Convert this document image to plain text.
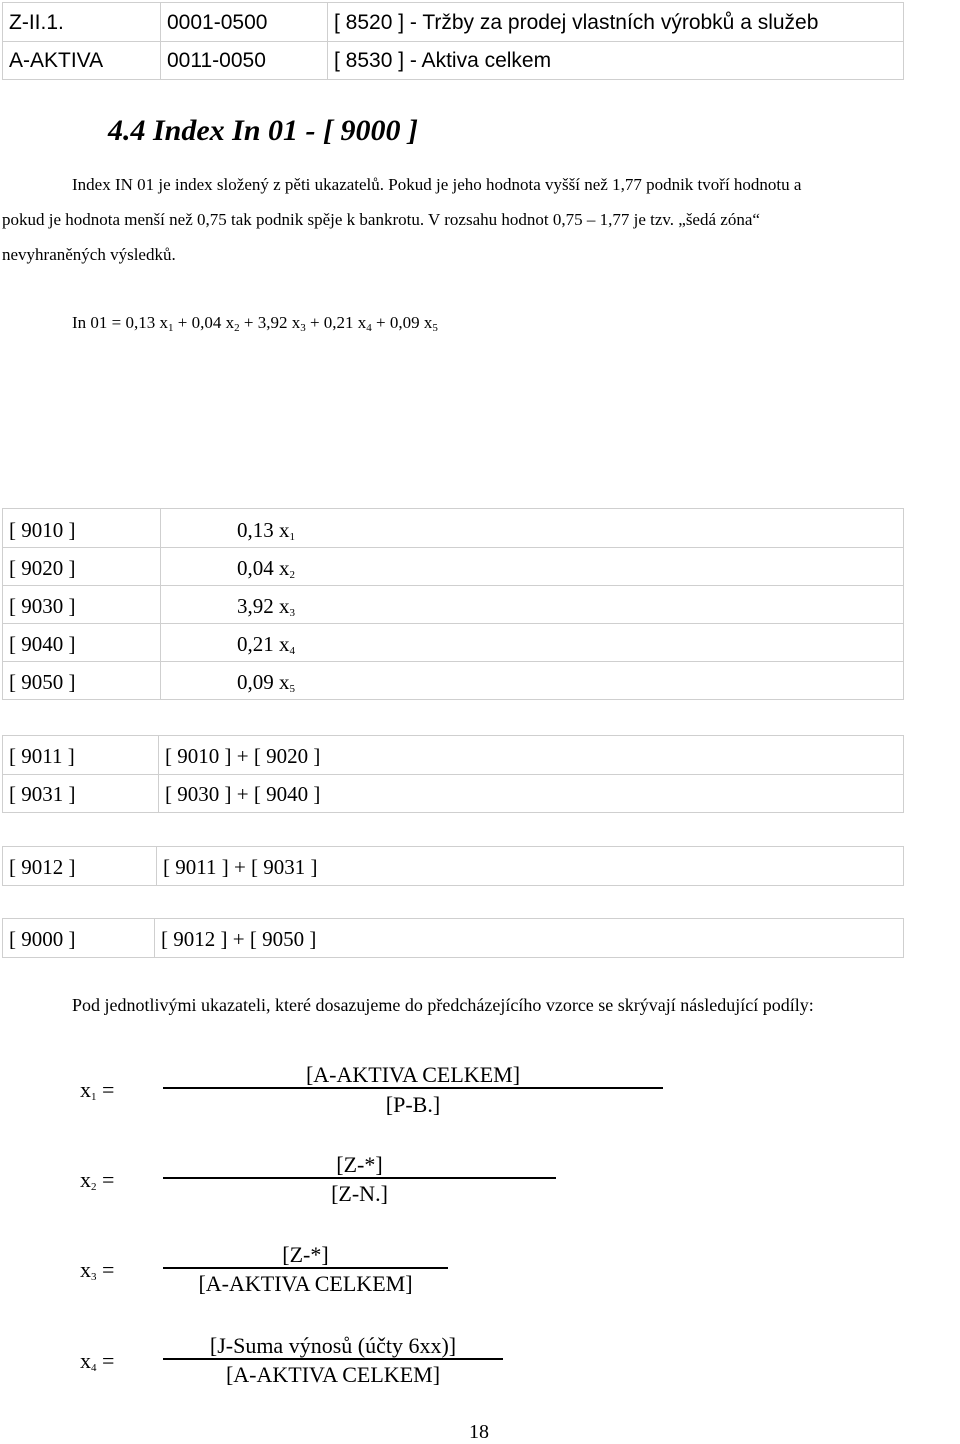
Z-II.1.	0001-0500	[ 8520 ] - Tržby za prodej vlastních výrobků a služeb
A-AKTIVA	0011-0050	[ 8530 ] - Aktiva celkem
4.4 Index In 01 - [ 9000 ]
Index IN 01 je index složený z pěti ukazatelů. Pokud je jeho hodnota vyšší než 1,77 podnik tvoří hodnotu a
pokud je hodnota menší než 0,75 tak podnik spěje k bankrotu. V rozsahu hodnot 0,75 – 1,77 je tzv. „šedá zóna“
nevyhraněných výsledků.
In 01 = 0,13 $x_1 + 0,04$ $x_2 + 3,92$ $x_3 + 0,21$ $x_4 + 0,09$ $x_5$
[ 9010 ]	0,13 $x_1$
[ 9020 ]	0,04 $x_2$
[ 9030 ]	3,92 $x_3$
[ 9040 ]	0,21 $x_4$
[ 9050 ]	0,09 $x_5$
[ 9011 ]	[ 9010 ] + [ 9020 ]
[ 9031 ]	[ 9030 ] + [ 9040 ]
[ 9012 ]	[ 9011 ] + [ 9031 ]
[ 9000 ]	[ 9012 ] + [ 9050 ]
Pod jednotlivými ukazateli, které dosazujeme do předcházejícího vzorce se skrývají následující podíly:
$x_1$ =
[A-AKTIVA CELKEM]
[P-B.]
$x_2$ =
[Z-*]
[Z-N.]
$x_3$ =
[Z-*]
[A-AKTIVA CELKEM]
$x_4$ =
[J-Suma výnosů (účty 6xx)]
[A-AKTIVA CELKEM]
18
